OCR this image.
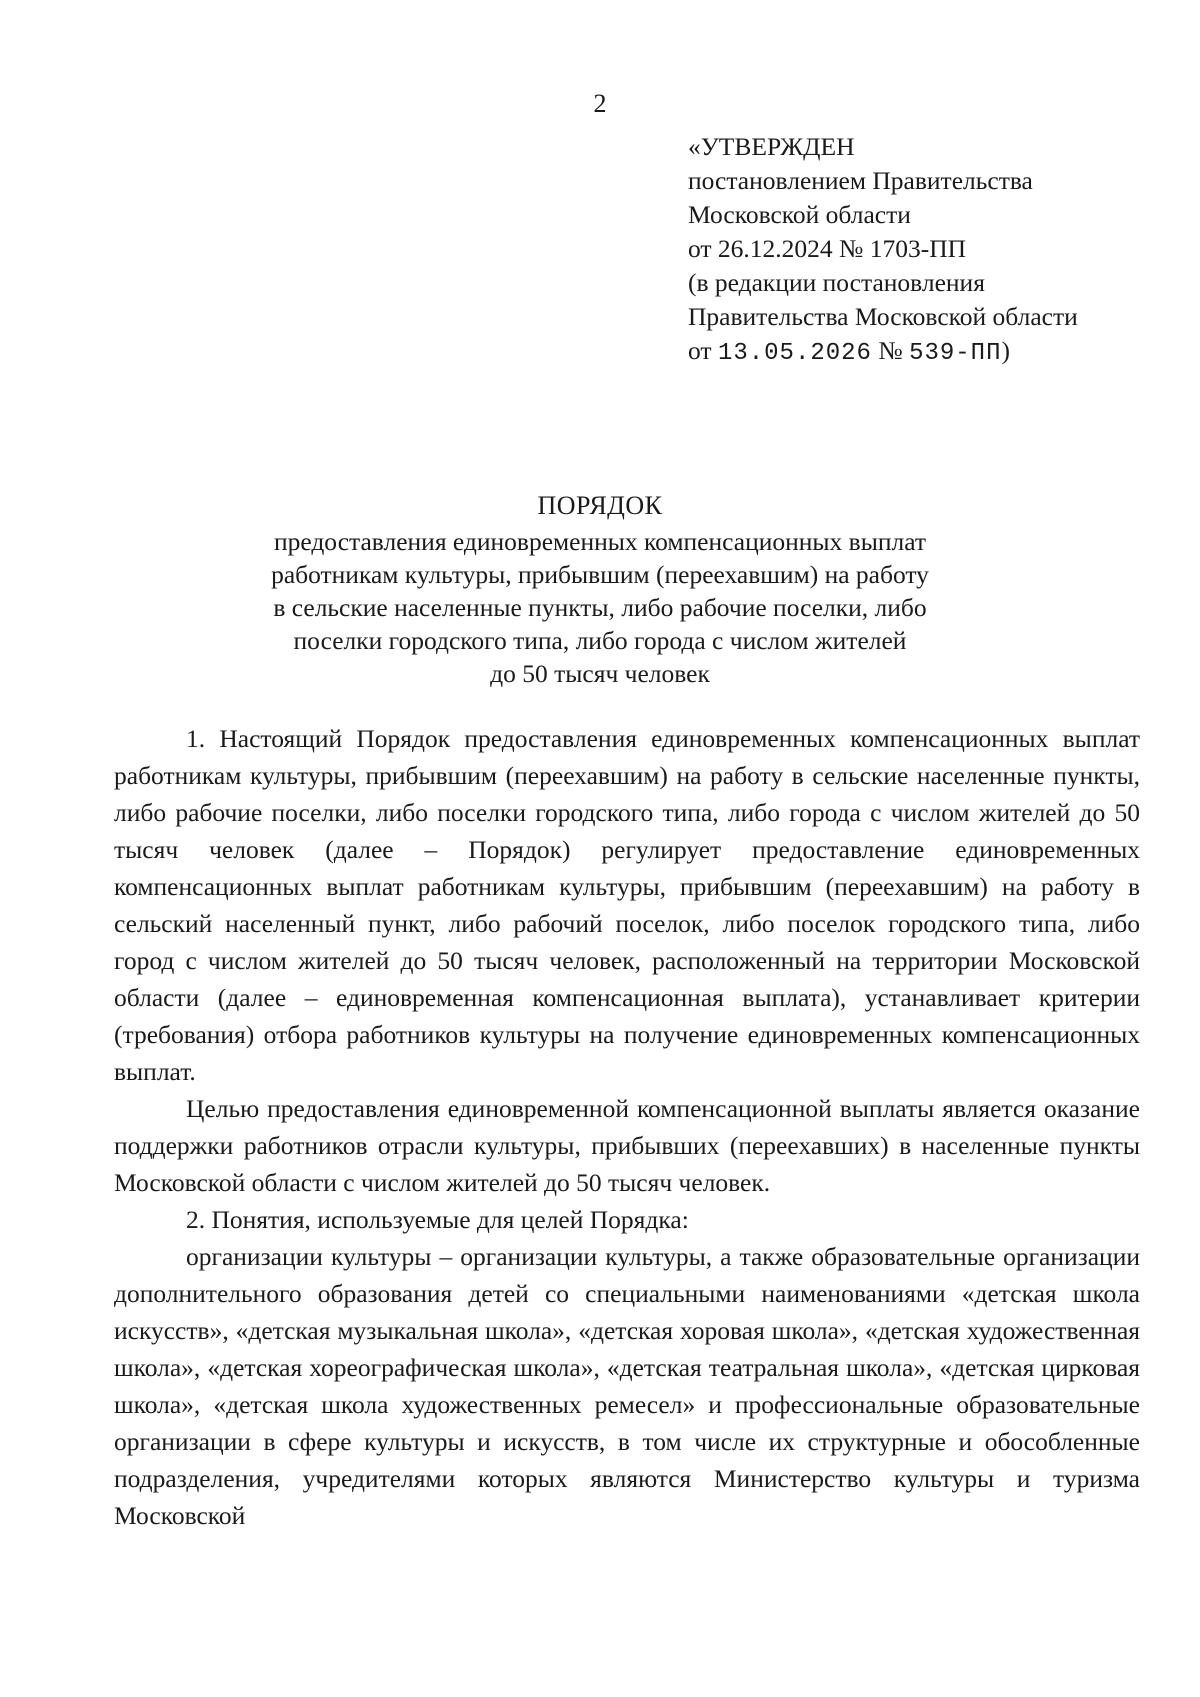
2
«УТВЕРЖДЕН
постановлением Правительства
Московской области
от 26.12.2024 № 1703-ПП
(в редакции постановления
Правительства Московской области
от 13.05.2026 № 539-ПП)
ПОРЯДОК
предоставления единовременных компенсационных выплат
работникам культуры, прибывшим (переехавшим) на работу
в сельские населенные пункты, либо рабочие поселки, либо
поселки городского типа, либо города с числом жителей
до 50 тысяч человек

1. Настоящий Порядок предоставления единовременных компенсационных выплат работникам культуры, прибывшим (переехавшим) на работу в сельские населенные пункты, либо рабочие поселки, либо поселки городского типа, либо города с числом жителей до 50 тысяч человек (далее – Порядок) регулирует предоставление единовременных компенсационных выплат работникам культуры, прибывшим (переехавшим) на работу в сельский населенный пункт, либо рабочий поселок, либо поселок городского типа, либо город с числом жителей до 50 тысяч человек, расположенный на территории Московской области (далее – единовременная компенсационная выплата), устанавливает критерии (требования) отбора работников культуры на получение единовременных компенсационных выплат.

Целью предоставления единовременной компенсационной выплаты является оказание поддержки работников отрасли культуры, прибывших (переехавших) в населенные пункты Московской области с числом жителей до 50 тысяч человек.

2. Понятия, используемые для целей Порядка:

организации культуры – организации культуры, а также образовательные организации дополнительного образования детей со специальными наименованиями «детская школа искусств», «детская музыкальная школа», «детская хоровая школа», «детская художественная школа», «детская хореографическая школа», «детская театральная школа», «детская цирковая школа», «детская школа художественных ремесел» и профессиональные образовательные организации в сфере культуры и искусств, в том числе их структурные и обособленные подразделения, учредителями которых являются Министерство культуры и туризма Московской
